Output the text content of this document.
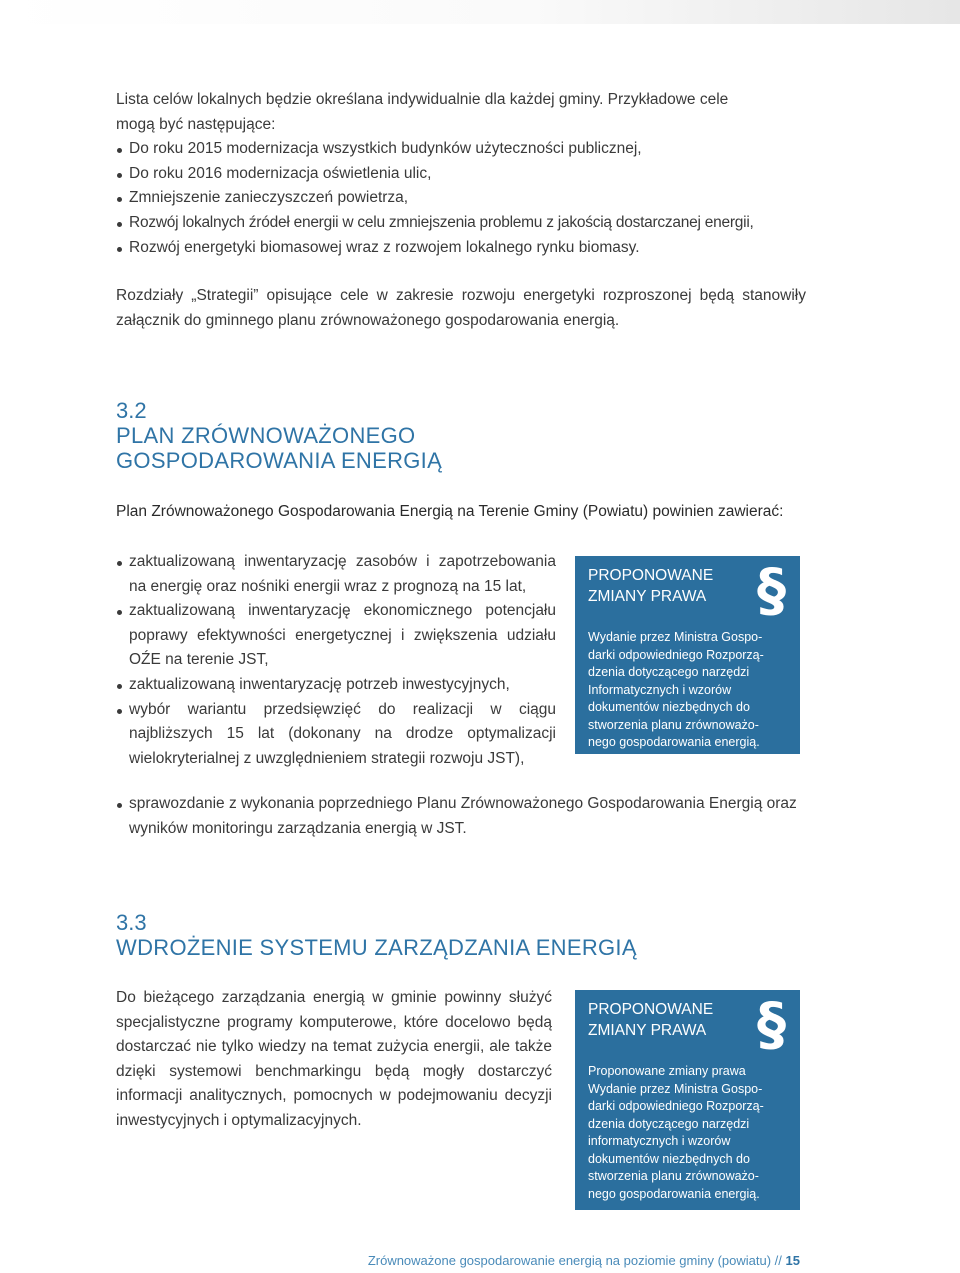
Lista celów lokalnych będzie określana indywidualnie dla każdej gminy. Przykładowe cele

mogą być następujące:

Do roku 2015 modernizacja wszystkich budynków użyteczności publicznej,
Do roku 2016 modernizacja oświetlenia ulic,
Zmniejszenie zanieczyszczeń powietrza,
Rozwój lokalnych źródeł energii w celu zmniejszenia problemu z jakością dostarczanej energii,
Rozwój energetyki biomasowej wraz z rozwojem lokalnego rynku biomasy.

Rozdziały „Strategii” opisujące cele w zakresie rozwoju energetyki rozproszonej będą stanowiły załącznik do gminnego planu zrównoważonego gospodarowania energią.

3.2
PLAN ZRÓWNOWAŻONEGO
GOSPODAROWANIA ENERGIĄ

Plan Zrównoważonego Gospodarowania Energią na Terenie Gminy (Powiatu) powinien zawierać:

zaktualizowaną inwentaryzację zasobów i zapotrzebowania na energię oraz nośniki energii wraz z prognozą na 15 lat,
zaktualizowaną inwentaryzację ekonomicznego potencjału poprawy efektywności energetycznej i zwiększenia udziału OŹE na terenie JST,
zaktualizowaną inwentaryzację potrzeb inwestycyjnych,
wybór wariantu przedsięwzięć do realizacji w ciągu najbliższych 15 lat (dokonany na drodze optymalizacji wielokryterialnej z uwzględnieniem strategii rozwoju JST),
sprawozdanie z wykonania poprzedniego Planu Zrównoważonego Gospodarowania Energią oraz wyników monitoringu zarządzania energią w JST.
§
PROPONOWANE
ZMIANY PRAWA
Wydanie przez Ministra Gospo-
darki odpowiedniego Rozporzą-
dzenia dotyczącego narzędzi
Informatycznych i wzorów
dokumentów niezbędnych do
stworzenia planu zrównoważo-
nego gospodarowania energią.
3.3
WDROŻENIE SYSTEMU ZARZĄDZANIA ENERGIĄ

Do bieżącego zarządzania energią w gminie powinny służyć specjalistyczne programy komputerowe, które docelowo będą dostarczać nie tylko wiedzy na temat zużycia energii, ale także dzięki systemowi benchmarkingu będą mogły dostarczyć informacji analitycznych, pomocnych w podejmowaniu decyzji inwestycyjnych i optymalizacyjnych.

§
PROPONOWANE
ZMIANY PRAWA
Proponowane zmiany prawa
Wydanie przez Ministra Gospo-
darki odpowiedniego Rozporzą-
dzenia dotyczącego narzędzi
informatycznych i wzorów
dokumentów niezbędnych do
stworzenia planu zrównoważo-
nego gospodarowania energią.
Zrównoważone gospodarowanie energią na poziomie gminy (powiatu) // 15
